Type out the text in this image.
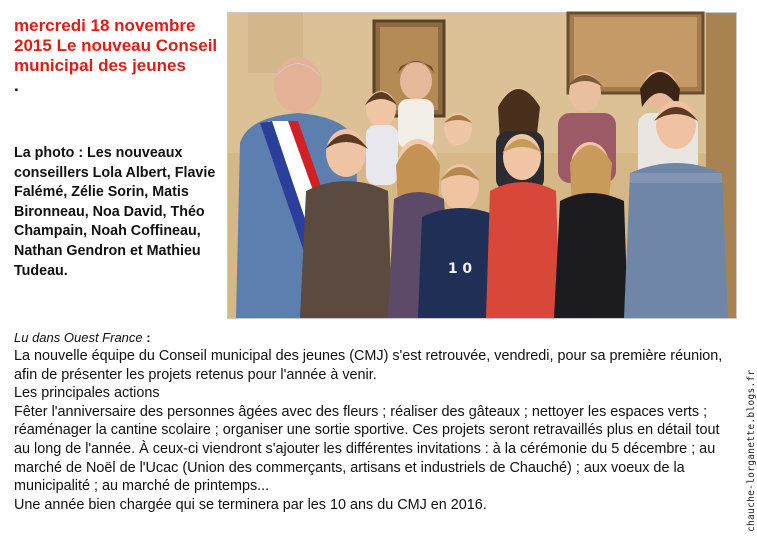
mercredi 18 novembre 2015 Le nouveau Conseil municipal des jeunes
.
La photo : Les nouveaux conseillers Lola Albert, Flavie Falémé, Zélie Sorin, Matis Bironneau, Noa David, Théo Champain, Noah Coffineau, Nathan Gendron et Mathieu Tudeau.	1 0
Lu dans Ouest France :

La nouvelle équipe du Conseil municipal des jeunes (CMJ) s'est retrouvée, vendredi, pour sa première réunion, afin de présenter les projets retenus pour l'année à venir.

Les principales actions

Fêter l'anniversaire des personnes âgées avec des fleurs ; réaliser des gâteaux ; nettoyer les espaces verts ; réaménager la cantine scolaire ; organiser une sortie sportive. Ces projets seront retravaillés plus en détail tout au long de l'année. À ceux-ci viendront s'ajouter les différentes invitations : à la cérémonie du 5 décembre ; au marché de Noël de l'Ucac (Union des commerçants, artisans et industriels de Chauché) ; aux voeux de la municipalité ; au marché de printemps...

Une année bien chargée qui se terminera par les 10 ans du CMJ en 2016.	chauche-lorganette.blogs.fr
